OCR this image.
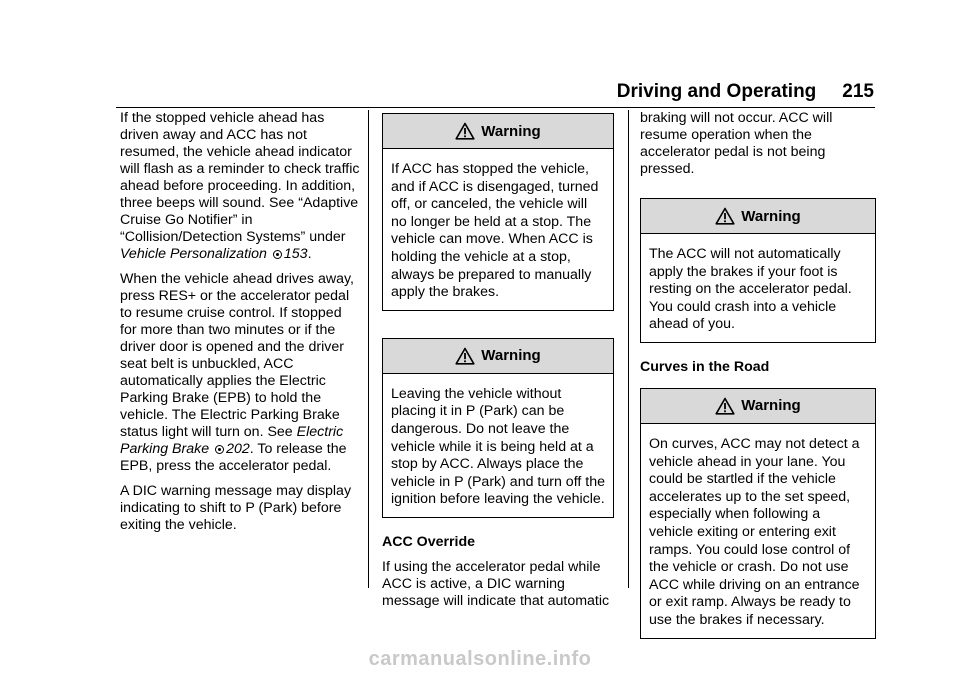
Driving and Operating 215

If the stopped vehicle ahead has driven away and ACC has not resumed, the vehicle ahead indicator will flash as a reminder to check traffic ahead before proceeding. In addition, three beeps will sound. See “Adaptive Cruise Go Notifier” in “Collision/Detection Systems” under Vehicle Personalization 153.

When the vehicle ahead drives away, press RES+ or the accelerator pedal to resume cruise control. If stopped for more than two minutes or if the driver door is opened and the driver seat belt is unbuckled, ACC automatically applies the Electric Parking Brake (EPB) to hold the vehicle. The Electric Parking Brake status light will turn on. See Electric Parking Brake 202. To release the EPB, press the accelerator pedal.

A DIC warning message may display indicating to shift to P (Park) before exiting the vehicle.

Warning
If ACC has stopped the vehicle, and if ACC is disengaged, turned off, or canceled, the vehicle will no longer be held at a stop. The vehicle can move. When ACC is holding the vehicle at a stop, always be prepared to manually apply the brakes.
Warning
Leaving the vehicle without placing it in P (Park) can be dangerous. Do not leave the vehicle while it is being held at a stop by ACC. Always place the vehicle in P (Park) and turn off the ignition before leaving the vehicle.

ACC Override

If using the accelerator pedal while ACC is active, a DIC warning message will indicate that automatic

braking will not occur. ACC will resume operation when the accelerator pedal is not being pressed.

Warning
The ACC will not automatically apply the brakes if your foot is resting on the accelerator pedal. You could crash into a vehicle ahead of you.

Curves in the Road

Warning
On curves, ACC may not detect a vehicle ahead in your lane. You could be startled if the vehicle accelerates up to the set speed, especially when following a vehicle exiting or entering exit ramps. You could lose control of the vehicle or crash. Do not use ACC while driving on an entrance or exit ramp. Always be ready to use the brakes if necessary.
carmanualsonline.info
